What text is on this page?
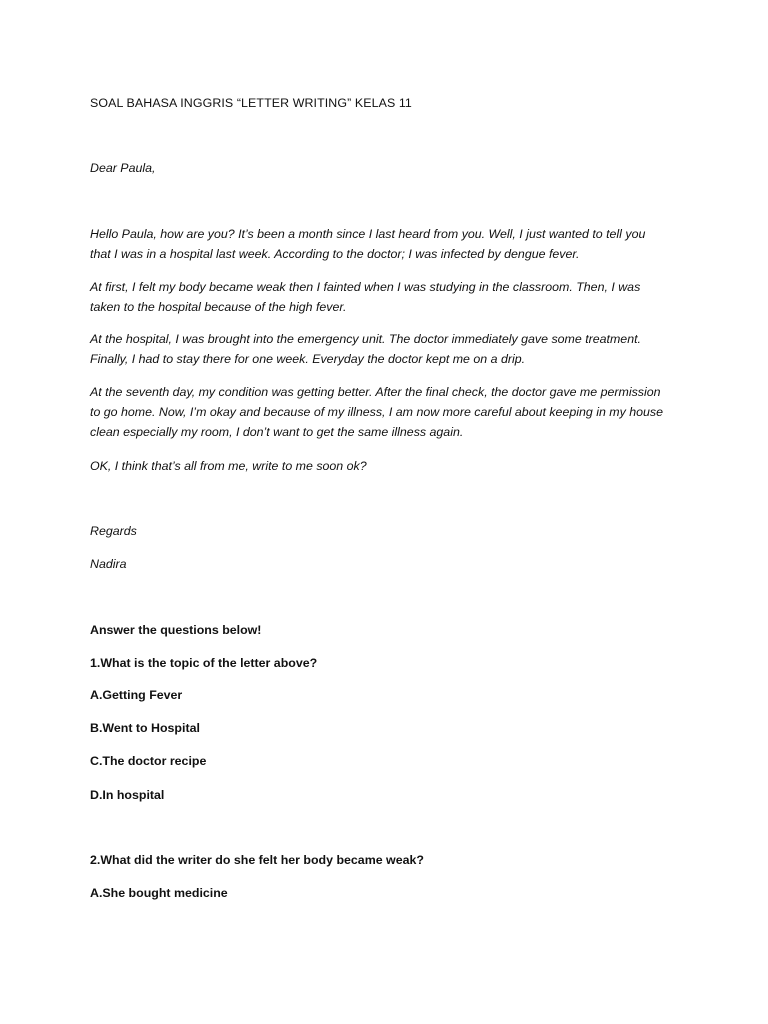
SOAL BAHASA INGGRIS “LETTER WRITING” KELAS 11
Dear Paula,
Hello Paula, how are you? It’s been a month since I last heard from you. Well, I just wanted to tell you
that I was in a hospital last week. According to the doctor; I was infected by dengue fever.
At first, I felt my body became weak then I fainted when I was studying in the classroom. Then, I was
taken to the hospital because of the high fever.
At the hospital, I was brought into the emergency unit. The doctor immediately gave some treatment.
Finally, I had to stay there for one week. Everyday the doctor kept me on a drip.
At the seventh day, my condition was getting better. After the final check, the doctor gave me permission
to go home. Now, I’m okay and because of my illness, I am now more careful about keeping in my house
clean especially my room, I don’t want to get the same illness again.
OK, I think that’s all from me, write to me soon ok?
Regards
Nadira
Answer the questions below!
1.What is the topic of the letter above?
A.Getting Fever
B.Went to Hospital
C.The doctor recipe
D.In hospital
2.What did the writer do she felt her body became weak?
A.She bought medicine
